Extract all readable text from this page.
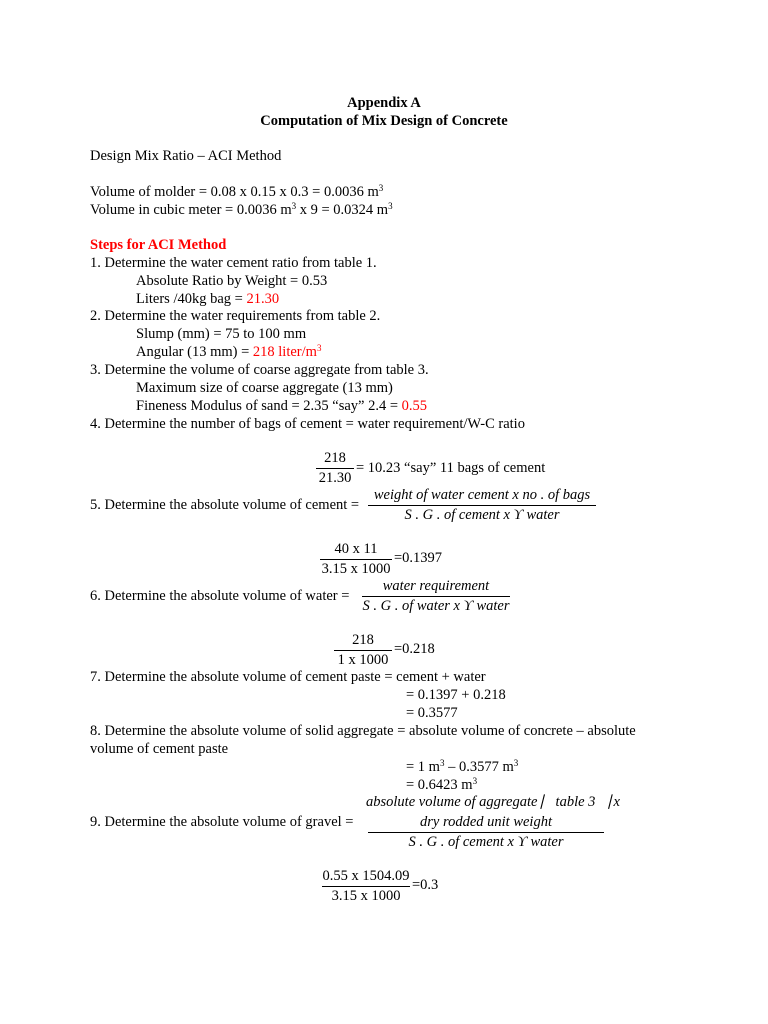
Appendix A
Computation of Mix Design of Concrete
Design Mix Ratio – ACI Method
Volume of molder = 0.08 x 0.15 x 0.3 = 0.0036 $m^3$
Volume in cubic meter = 0.0036 $m^3$ x 9 = 0.0324 $m^3$
Steps for ACI Method
1. Determine the water cement ratio from table 1.
Absolute Ratio by Weight = 0.53
Liters /40kg bag = 21.30
2. Determine the water requirements from table 2.
Slump (mm) = 75 to 100 mm
Angular (13 mm) = 218 liter/$m^3$
3. Determine the volume of coarse aggregate from table 3.
Maximum size of coarse aggregate (13 mm)
Fineness Modulus of sand = 2.35 “say” 2.4 = 0.55
4. Determine the number of bags of cement = water requirement/W-C ratio
218
21.30
= 10.23 “say” 11 bags of cement
5. Determine the absolute volume of cement =
weight of water cement x no . of bags
S . G . of cement x ϒ water
40 x 11
3.15 x 1000
=0.1397
6. Determine the absolute volume of water =
water requirement
S . G . of water x ϒ water
218
1 x 1000
=0.218
7. Determine the absolute volume of cement paste = cement + water
= 0.1397 + 0.218
= 0.3577
8. Determine the absolute volume of solid aggregate = absolute volume of concrete – absolute
volume of cement paste
= 1 $m^3 - 0.3577$ $m^3$
= 0.6423 $m^3$
9. Determine the absolute volume of gravel =
absolute volume of aggregate ⎸table 3⎹ x
dry rodded unit weight
S . G . of cement x ϒ water
0.55 x 1504.09
3.15 x 1000
=0.3
